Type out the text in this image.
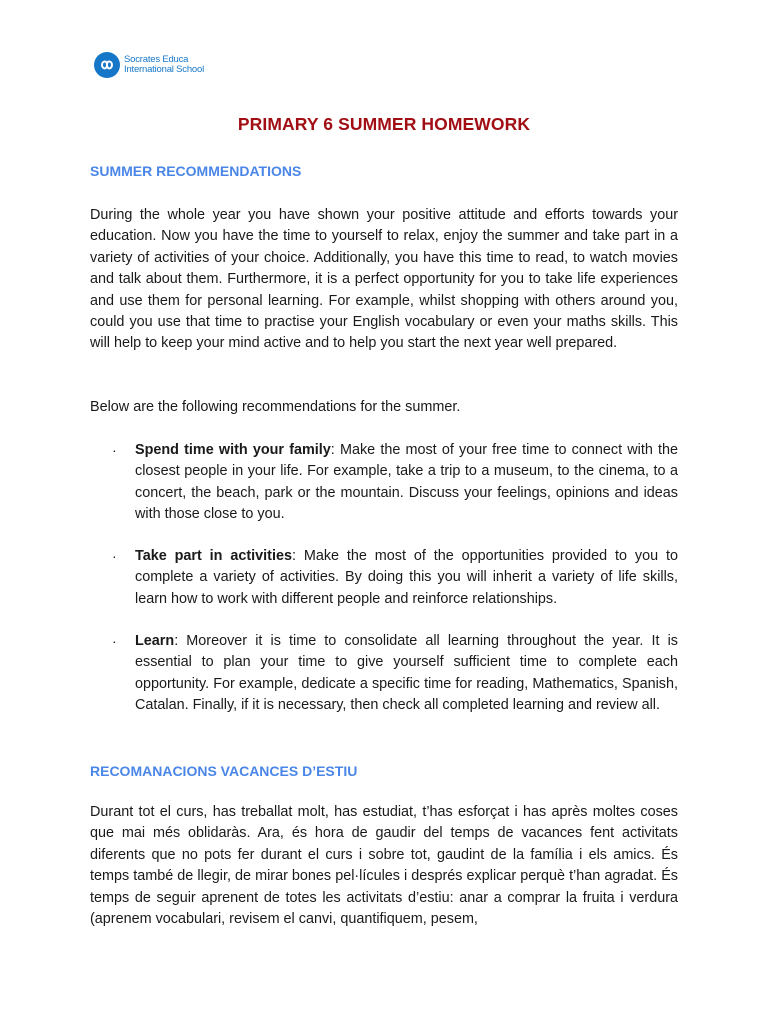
Socrates Educa
International School
PRIMARY 6 SUMMER HOMEWORK
SUMMER RECOMMENDATIONS

During the whole year you have shown your positive attitude and efforts towards your education. Now you have the time to yourself to relax, enjoy the summer and take part in a variety of activities of your choice. Additionally, you have this time to read, to watch movies and talk about them. Furthermore, it is a perfect opportunity for you to take life experiences and use them for personal learning. For example, whilst shopping with others around you, could you use that time to practise your English vocabulary or even your maths skills. This will help to keep your mind active and to help you start the next year well prepared.

Below are the following recommendations for the summer.

· Spend time with your family: Make the most of your free time to connect with the closest people in your life. For example, take a trip to a museum, to the cinema, to a concert, the beach, park or the mountain. Discuss your feelings, opinions and ideas with those close to you.
· Take part in activities: Make the most of the opportunities provided to you to complete a variety of activities. By doing this you will inherit a variety of life skills, learn how to work with different people and reinforce relationships.
· Learn: Moreover it is time to consolidate all learning throughout the year. It is essential to plan your time to give yourself sufficient time to complete each opportunity. For example, dedicate a specific time for reading, Mathematics, Spanish, Catalan. Finally, if it is necessary, then check all completed learning and review all.
RECOMANACIONS VACANCES D’ESTIU

Durant tot el curs, has treballat molt, has estudiat, t’has esforçat i has après moltes coses que mai més oblidaràs. Ara, és hora de gaudir del temps de vacances fent activitats diferents que no pots fer durant el curs i sobre tot, gaudint de la família i els amics. És temps també de llegir, de mirar bones pel·lícules i després explicar perquè t’han agradat. És temps de seguir aprenent de totes les activitats d’estiu: anar a comprar la fruita i verdura (aprenem vocabulari, revisem el canvi, quantifiquem, pesem,
